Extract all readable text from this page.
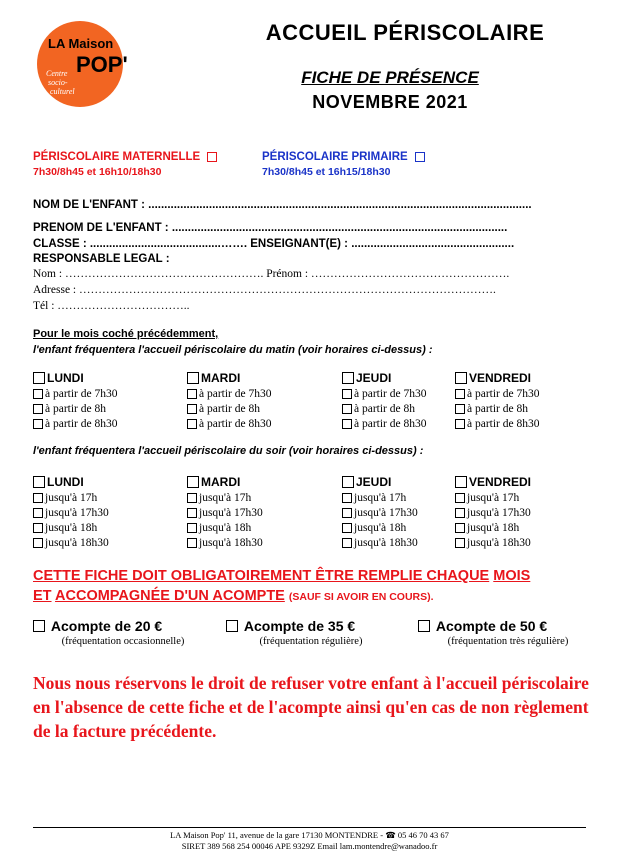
LA Maison
POP'
Centre
socio-
culturel
ACCUEIL PÉRISCOLAIRE
FICHE DE PRÉSENCE
NOVEMBRE 2021
PÉRISCOLAIRE MATERNELLE
7h30/8h45 et 16h10/18h30
PÉRISCOLAIRE PRIMAIRE
7h30/8h45 et 16h15/18h30
NOM DE L'ENFANT : ........................................................................................................................
PRÉNOM DE L'ENFANT : .........................................................................................................
CLASSE : .........................................……. ENSEIGNANT(E) : ...................................................
RESPONSABLE LÉGAL :
Nom : ……………………………………………. Prénom : …………………………………………….
Adresse : ……………………………………………………………………………………………….
Tél : ……………………………..
Pour le mois coché précédemment,
l'enfant fréquentera l'accueil périscolaire du matin (voir horaires ci-dessus) :
LUNDI
à partir de 7h30
à partir de 8h
à partir de 8h30
MARDI
à partir de 7h30
à partir de 8h
à partir de 8h30
JEUDI
à partir de 7h30
à partir de 8h
à partir de 8h30
VENDREDI
à partir de 7h30
à partir de 8h
à partir de 8h30
l'enfant fréquentera l'accueil périscolaire du soir (voir horaires ci-dessus) :
LUNDI
jusqu'à 17h
jusqu'à 17h30
jusqu'à 18h
jusqu'à 18h30
MARDI
jusqu'à 17h
jusqu'à 17h30
jusqu'à 18h
jusqu'à 18h30
JEUDI
jusqu'à 17h
jusqu'à 17h30
jusqu'à 18h
jusqu'à 18h30
VENDREDI
jusqu'à 17h
jusqu'à 17h30
jusqu'à 18h
jusqu'à 18h30
CETTE FICHE DOIT OBLIGATOIREMENT ÊTRE REMPLIE CHAQUE MOIS
ET ACCOMPAGNÉE D'UN ACOMPTE (SAUF SI AVOIR EN COURS).

Acompte de 20 €
(fréquentation occasionnelle)

Acompte de 35 €
(fréquentation régulière)

Acompte de 50 €
(fréquentation très régulière)
Nous nous réservons le droit de refuser votre enfant à l'accueil périscolaire en l'absence de cette fiche et de l'acompte ainsi qu'en cas de non règlement de la facture précédente.
LA Maison Pop' 11, avenue de la gare 17130 MONTENDRE - ☎ 05 46 70 43 67
SIRET 389 568 254 00046 APE 9329Z Email lam.montendre@wanadoo.fr
